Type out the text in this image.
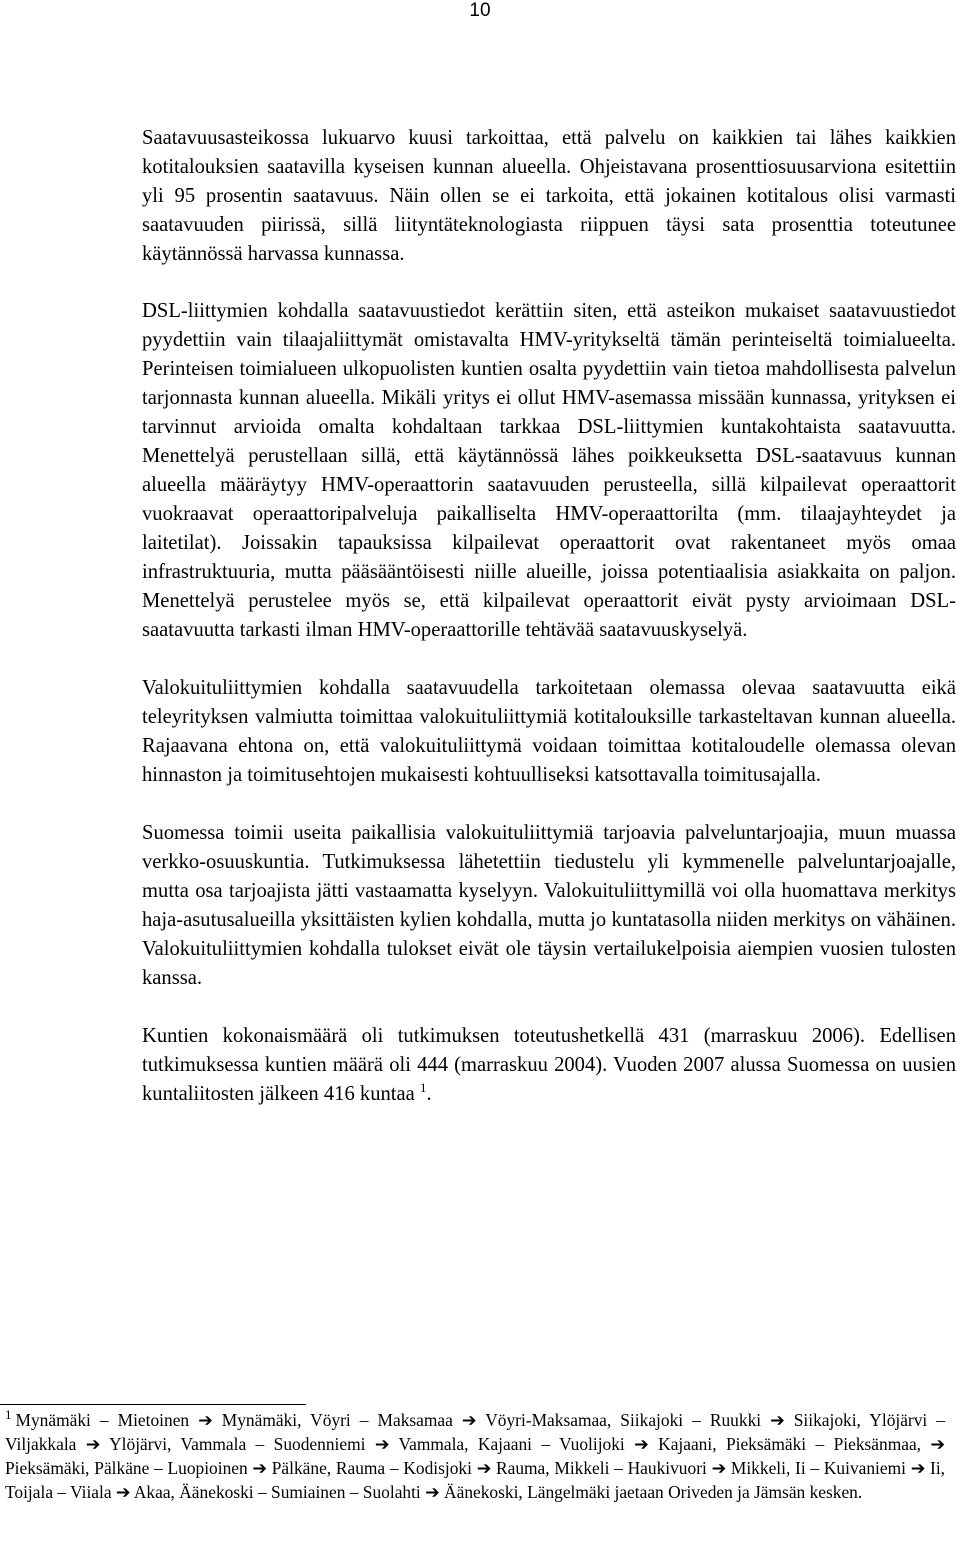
10

Saatavuusasteikossa lukuarvo kuusi tarkoittaa, että palvelu on kaikkien tai lähes kaikkien kotitalouksien saatavilla kyseisen kunnan alueella. Ohjeistavana prosenttiosuusarviona esitettiin yli 95 prosentin saatavuus. Näin ollen se ei tarkoita, että jokainen kotitalous olisi varmasti saatavuuden piirissä, sillä liityntäteknologiasta riippuen täysi sata prosenttia toteutunee käytännössä harvassa kunnassa.

DSL-liittymien kohdalla saatavuustiedot kerättiin siten, että asteikon mukaiset saatavuustiedot pyydettiin vain tilaajaliittymät omistavalta HMV-yritykseltä tämän perinteiseltä toimialueelta. Perinteisen toimialueen ulkopuolisten kuntien osalta pyydettiin vain tietoa mahdollisesta palvelun tarjonnasta kunnan alueella. Mikäli yritys ei ollut HMV-asemassa missään kunnassa, yrityksen ei tarvinnut arvioida omalta kohdaltaan tarkkaa DSL-liittymien kuntakohtaista saatavuutta. Menettelyä perustellaan sillä, että käytännössä lähes poikkeuksetta DSL-saatavuus kunnan alueella määräytyy HMV-operaattorin saatavuuden perusteella, sillä kilpailevat operaattorit vuokraavat operaattoripalveluja paikalliselta HMV-operaattorilta (mm. tilaajayhteydet ja laitetilat). Joissakin tapauksissa kilpailevat operaattorit ovat rakentaneet myös omaa infrastruktuuria, mutta pääsääntöisesti niille alueille, joissa potentiaalisia asiakkaita on paljon. Menettelyä perustelee myös se, että kilpailevat operaattorit eivät pysty arvioimaan DSL-saatavuutta tarkasti ilman HMV-operaattorille tehtävää saatavuuskyselyä.

Valokuituliittymien kohdalla saatavuudella tarkoitetaan olemassa olevaa saatavuutta eikä teleyrityksen valmiutta toimittaa valokuituliittymiä kotitalouksille tarkasteltavan kunnan alueella. Rajaavana ehtona on, että valokuituliittymä voidaan toimittaa kotitaloudelle olemassa olevan hinnaston ja toimitusehtojen mukaisesti kohtuulliseksi katsottavalla toimitusajalla.

Suomessa toimii useita paikallisia valokuituliittymiä tarjoavia palveluntarjoajia, muun muassa verkko-osuuskuntia. Tutkimuksessa lähetettiin tiedustelu yli kymmenelle palveluntarjoajalle, mutta osa tarjoajista jätti vastaamatta kyselyyn. Valokuituliittymillä voi olla huomattava merkitys haja-asutusalueilla yksittäisten kylien kohdalla, mutta jo kuntatasolla niiden merkitys on vähäinen. Valokuituliittymien kohdalla tulokset eivät ole täysin vertailukelpoisia aiempien vuosien tulosten kanssa.

Kuntien kokonaismäärä oli tutkimuksen toteutushetkellä 431 (marraskuu 2006). Edellisen tutkimuksessa kuntien määrä oli 444 (marraskuu 2004). Vuoden 2007 alussa Suomessa on uusien kuntaliitosten jälkeen 416 kuntaa $^1$.

$^1$ Mynämäki – Mietoinen ➔ Mynämäki, Vöyri – Maksamaa ➔ Vöyri-Maksamaa, Siikajoki – Ruukki ➔ Siikajoki, Ylöjärvi – Viljakkala ➔ Ylöjärvi, Vammala – Suodenniemi ➔ Vammala, Kajaani – Vuolijoki ➔ Kajaani, Pieksämäki – Pieksänmaa, ➔ Pieksämäki, Pälkäne – Luopioinen ➔ Pälkäne, Rauma – Kodisjoki ➔ Rauma, Mikkeli – Haukivuori ➔ Mikkeli, Ii – Kuivaniemi ➔ Ii, Toijala – Viiala ➔ Akaa, Äänekoski – Sumiainen – Suolahti ➔ Äänekoski, Längelmäki jaetaan Oriveden ja Jämsän kesken.
